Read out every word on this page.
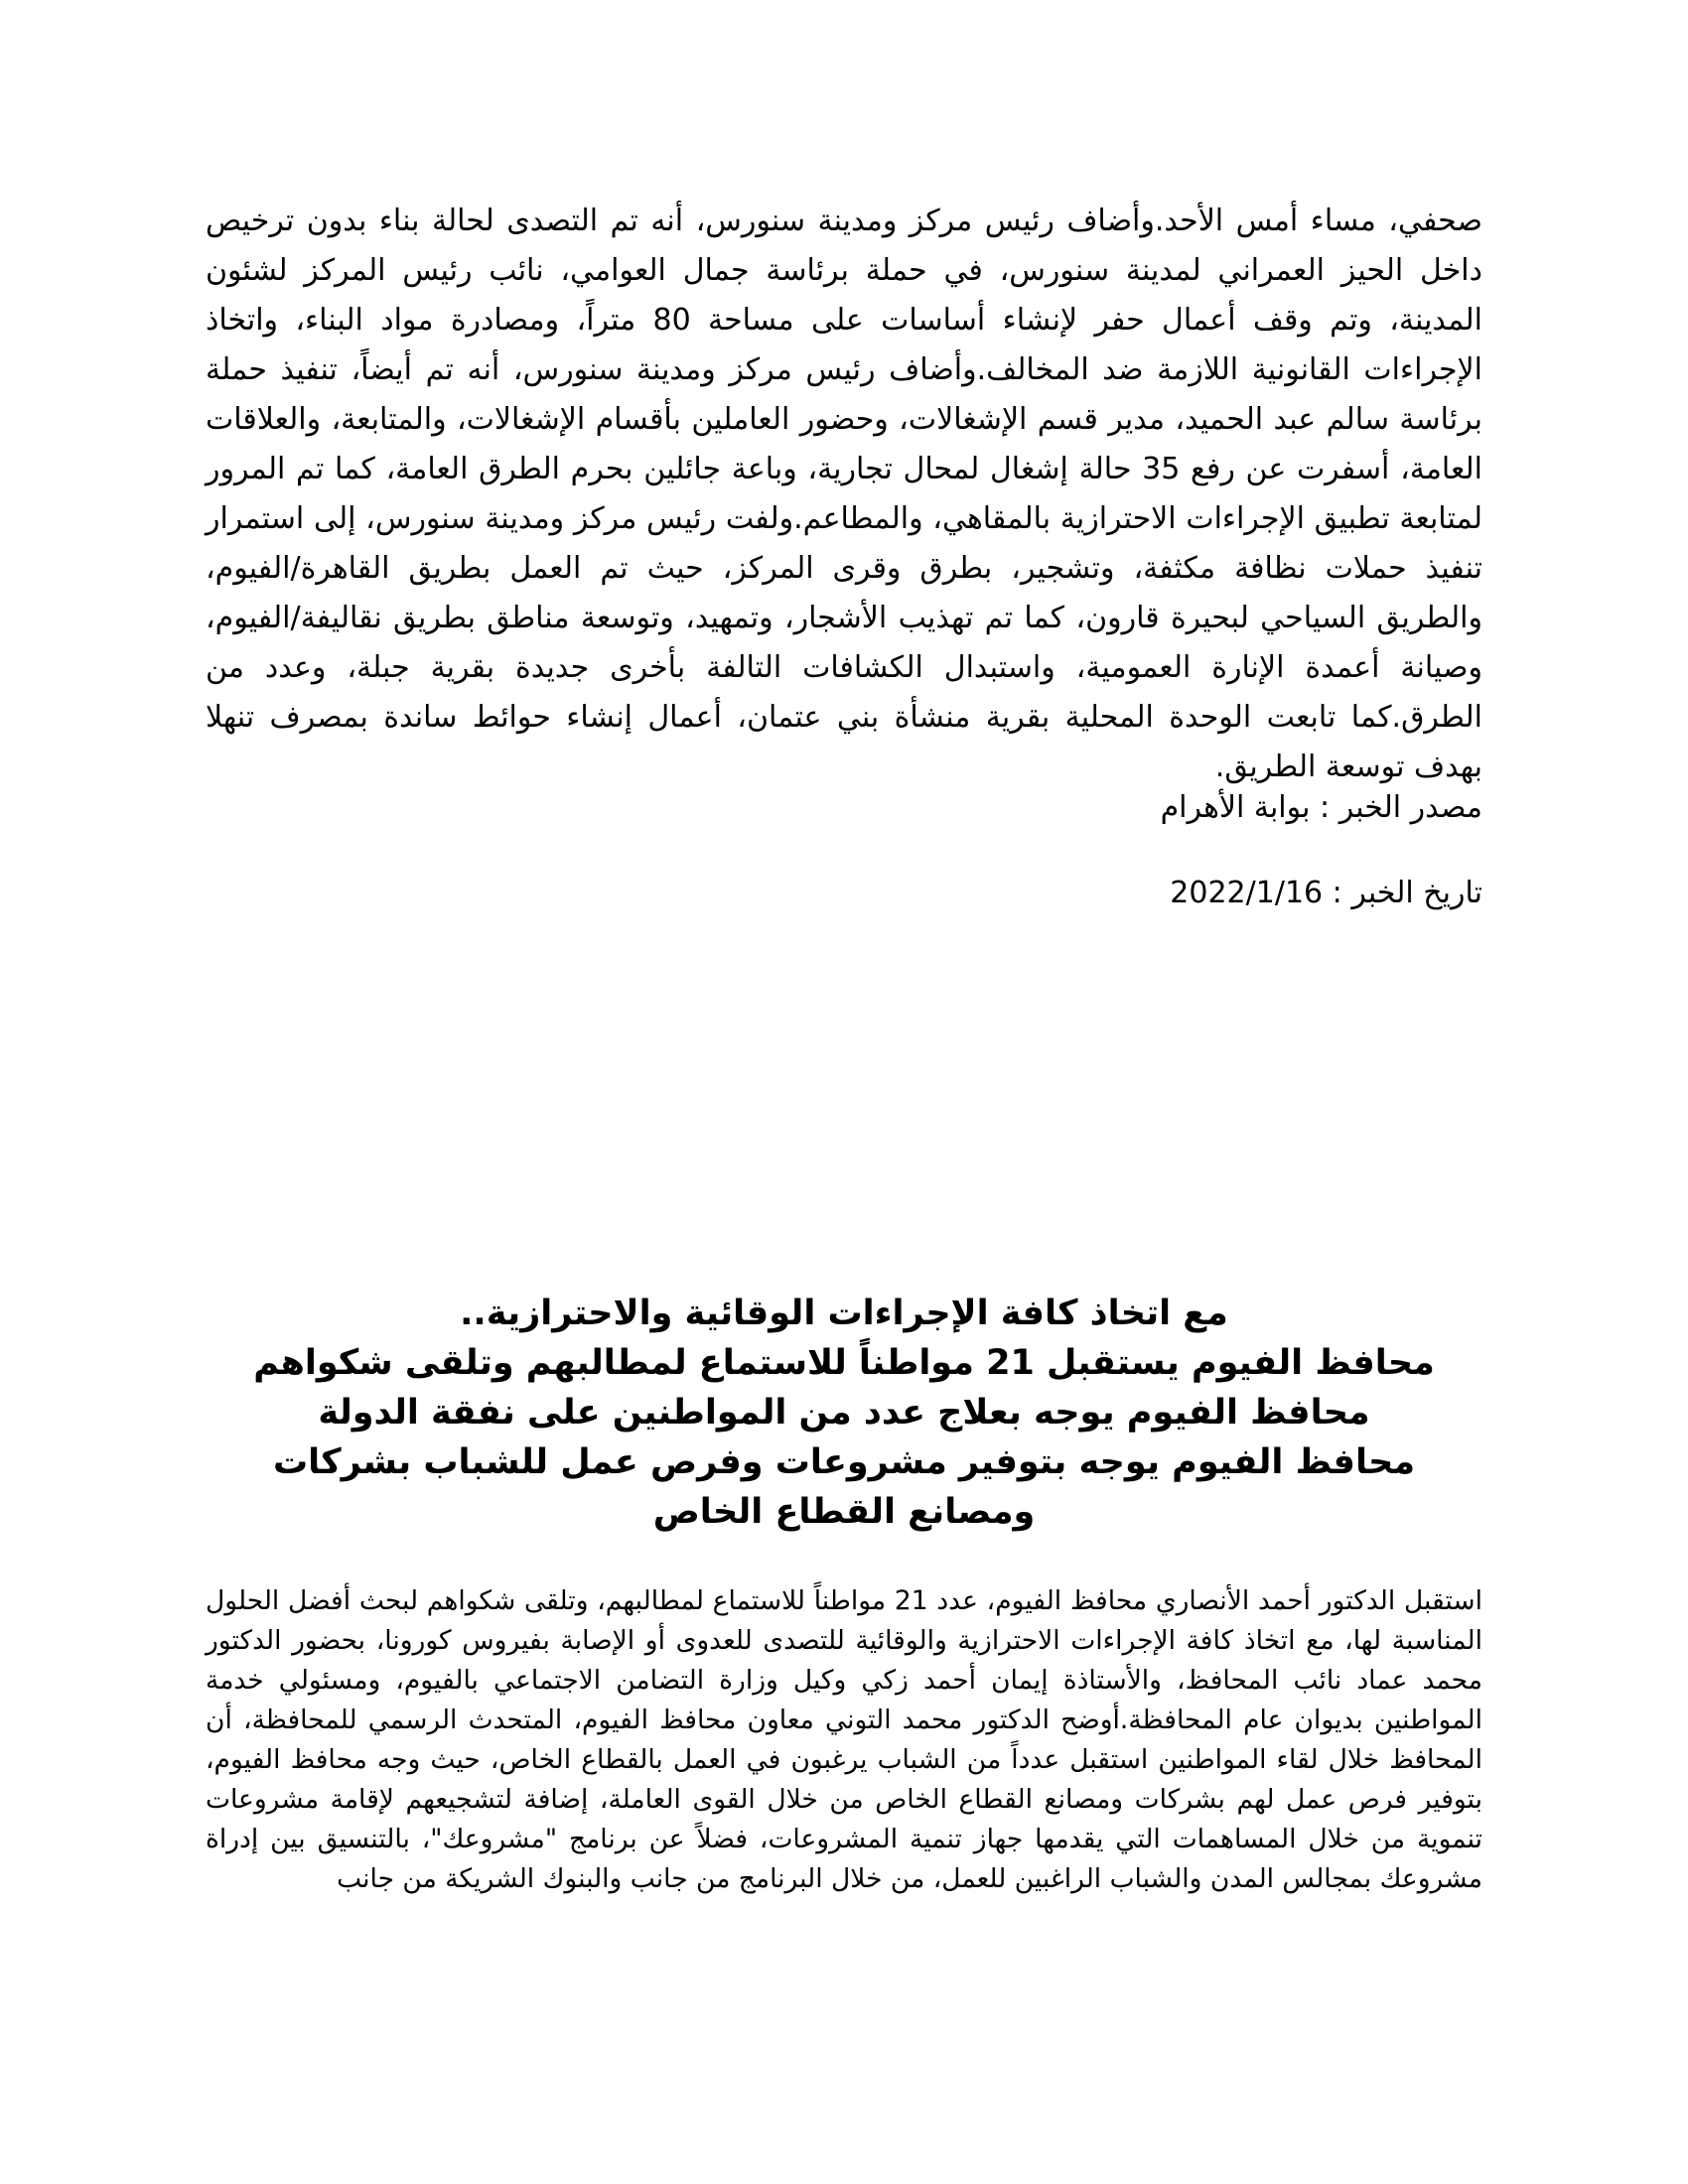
صحفي، مساء أمس الأحد.وأضاف رئيس مركز ومدينة سنورس، أنه تم التصدى لحالة بناء بدون ترخيص داخل الحيز العمراني لمدينة سنورس، في حملة برئاسة جمال العوامي، نائب رئيس المركز لشئون المدينة، وتم وقف أعمال حفر لإنشاء أساسات على مساحة 80 متراً، ومصادرة مواد البناء، واتخاذ الإجراءات القانونية اللازمة ضد المخالف.وأضاف رئيس مركز ومدينة سنورس، أنه تم أيضاً، تنفيذ حملة برئاسة سالم عبد الحميد، مدير قسم الإشغالات، وحضور العاملين بأقسام الإشغالات، والمتابعة، والعلاقات العامة، أسفرت عن رفع 35 حالة إشغال لمحال تجارية، وباعة جائلين بحرم الطرق العامة، كما تم المرور لمتابعة تطبيق الإجراءات الاحترازية بالمقاهي، والمطاعم.ولفت رئيس مركز ومدينة سنورس، إلى استمرار تنفيذ حملات نظافة مكثفة، وتشجير، بطرق وقرى المركز، حيث تم العمل بطريق القاهرة/الفيوم، والطريق السياحي لبحيرة قارون، كما تم تهذيب الأشجار، وتمهيد، وتوسعة مناطق بطريق نقاليفة/الفيوم، وصيانة أعمدة الإنارة العمومية، واستبدال الكشافات التالفة بأخرى جديدة بقرية جبلة، وعدد من الطرق.كما تابعت الوحدة المحلية بقرية منشأة بني عتمان، أعمال إنشاء حوائط ساندة بمصرف تنهلا بهدف توسعة الطريق.

مصدر الخبر : بوابة الأهرام
تاريخ الخبر : 2022/1/16
مع اتخاذ كافة الإجراءات الوقائية والاحترازية..
محافظ الفيوم يستقبل 21 مواطناً للاستماع لمطالبهم وتلقى شكواهم
محافظ الفيوم يوجه بعلاج عدد من المواطنين على نفقة الدولة
محافظ الفيوم يوجه بتوفير مشروعات وفرص عمل للشباب بشركات ومصانع القطاع الخاص

استقبل الدكتور أحمد الأنصاري محافظ الفيوم، عدد 21 مواطناً للاستماع لمطالبهم، وتلقى شكواهم لبحث أفضل الحلول المناسبة لها، مع اتخاذ كافة الإجراءات الاحترازية والوقائية للتصدى للعدوى أو الإصابة بفيروس كورونا، بحضور الدكتور محمد عماد نائب المحافظ، والأستاذة إيمان أحمد زكي وكيل وزارة التضامن الاجتماعي بالفيوم، ومسئولي خدمة المواطنين بديوان عام المحافظة.أوضح الدكتور محمد التوني معاون محافظ الفيوم، المتحدث الرسمي للمحافظة، أن المحافظ خلال لقاء المواطنين استقبل عدداً من الشباب يرغبون في العمل بالقطاع الخاص، حيث وجه محافظ الفيوم، بتوفير فرص عمل لهم بشركات ومصانع القطاع الخاص من خلال القوى العاملة، إضافة لتشجيعهم لإقامة مشروعات تنموية من خلال المساهمات التي يقدمها جهاز تنمية المشروعات، فضلاً عن برنامج "مشروعك"، بالتنسيق بين إدراة مشروعك بمجالس المدن والشباب الراغبين للعمل، من خلال البرنامج من جانب والبنوك الشريكة من جانب
